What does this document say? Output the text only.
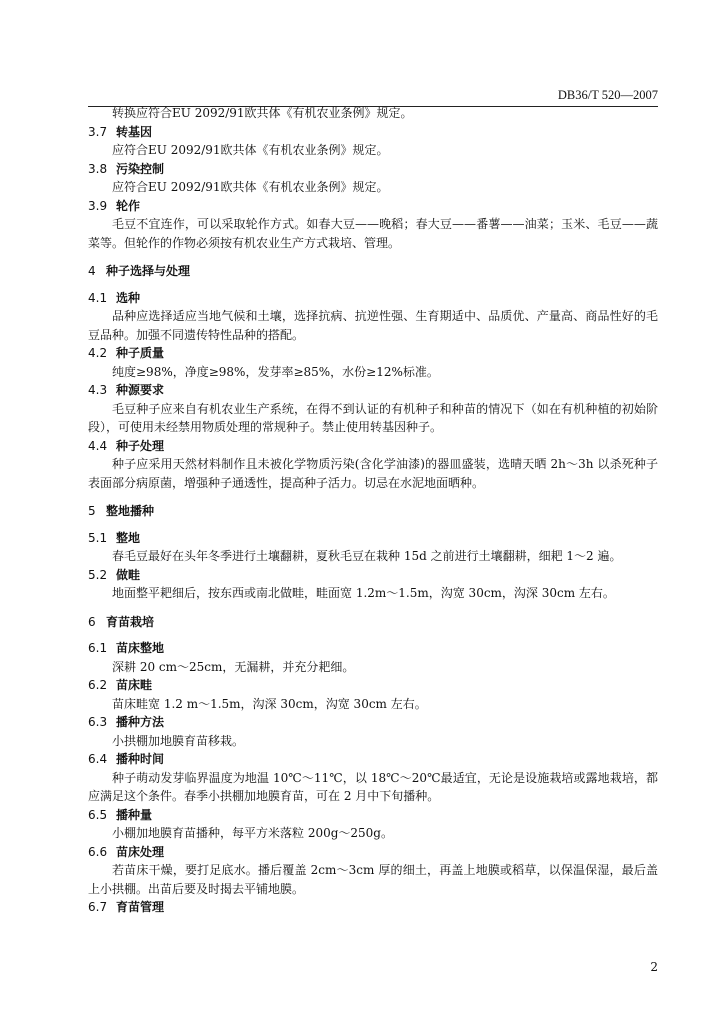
DB36/T 520—2007

转换应符合EU 2092/91欧共体《有机农业条例》规定。

3.7 转基因

应符合EU 2092/91欧共体《有机农业条例》规定。

3.8 污染控制

应符合EU 2092/91欧共体《有机农业条例》规定。

3.9 轮作

毛豆不宜连作，可以采取轮作方式。如春大豆——晚稻；春大豆——番薯——油菜；玉米、毛豆——蔬菜等。但轮作的作物必须按有机农业生产方式栽培、管理。

4 种子选择与处理
4.1 选种

品种应选择适应当地气候和土壤，选择抗病、抗逆性强、生育期适中、品质优、产量高、商品性好的毛豆品种。加强不同遗传特性品种的搭配。

4.2 种子质量

纯度≥98%，净度≥98%，发芽率≥85%，水份≥12%标准。

4.3 种源要求

毛豆种子应来自有机农业生产系统，在得不到认证的有机种子和种苗的情况下（如在有机种植的初始阶段），可使用未经禁用物质处理的常规种子。禁止使用转基因种子。

4.4 种子处理

种子应采用天然材料制作且未被化学物质污染(含化学油漆)的器皿盛装，选晴天晒 2h～3h 以杀死种子表面部分病原菌，增强种子通透性，提高种子活力。切忌在水泥地面晒种。

5 整地播种
5.1 整地

春毛豆最好在头年冬季进行土壤翻耕，夏秋毛豆在栽种 15d 之前进行土壤翻耕，细耙 1～2 遍。

5.2 做畦

地面整平耙细后，按东西或南北做畦，畦面宽 1.2m～1.5m，沟宽 30cm，沟深 30cm 左右。

6 育苗栽培
6.1 苗床整地

深耕 20 cm～25cm，无漏耕，并充分耙细。

6.2 苗床畦

苗床畦宽 1.2 m～1.5m，沟深 30cm，沟宽 30cm 左右。

6.3 播种方法

小拱棚加地膜育苗移栽。

6.4 播种时间

种子萌动发芽临界温度为地温 10℃～11℃，以 18℃～20℃最适宜，无论是设施栽培或露地栽培，都应满足这个条件。春季小拱棚加地膜育苗，可在 2 月中下旬播种。

6.5 播种量

小棚加地膜育苗播种，每平方米落粒 200g～250g。

6.6 苗床处理

若苗床干燥，要打足底水。播后覆盖 2cm～3cm 厚的细土，再盖上地膜或稻草，以保温保湿，最后盖上小拱棚。出苗后要及时揭去平铺地膜。

6.7 育苗管理
2
